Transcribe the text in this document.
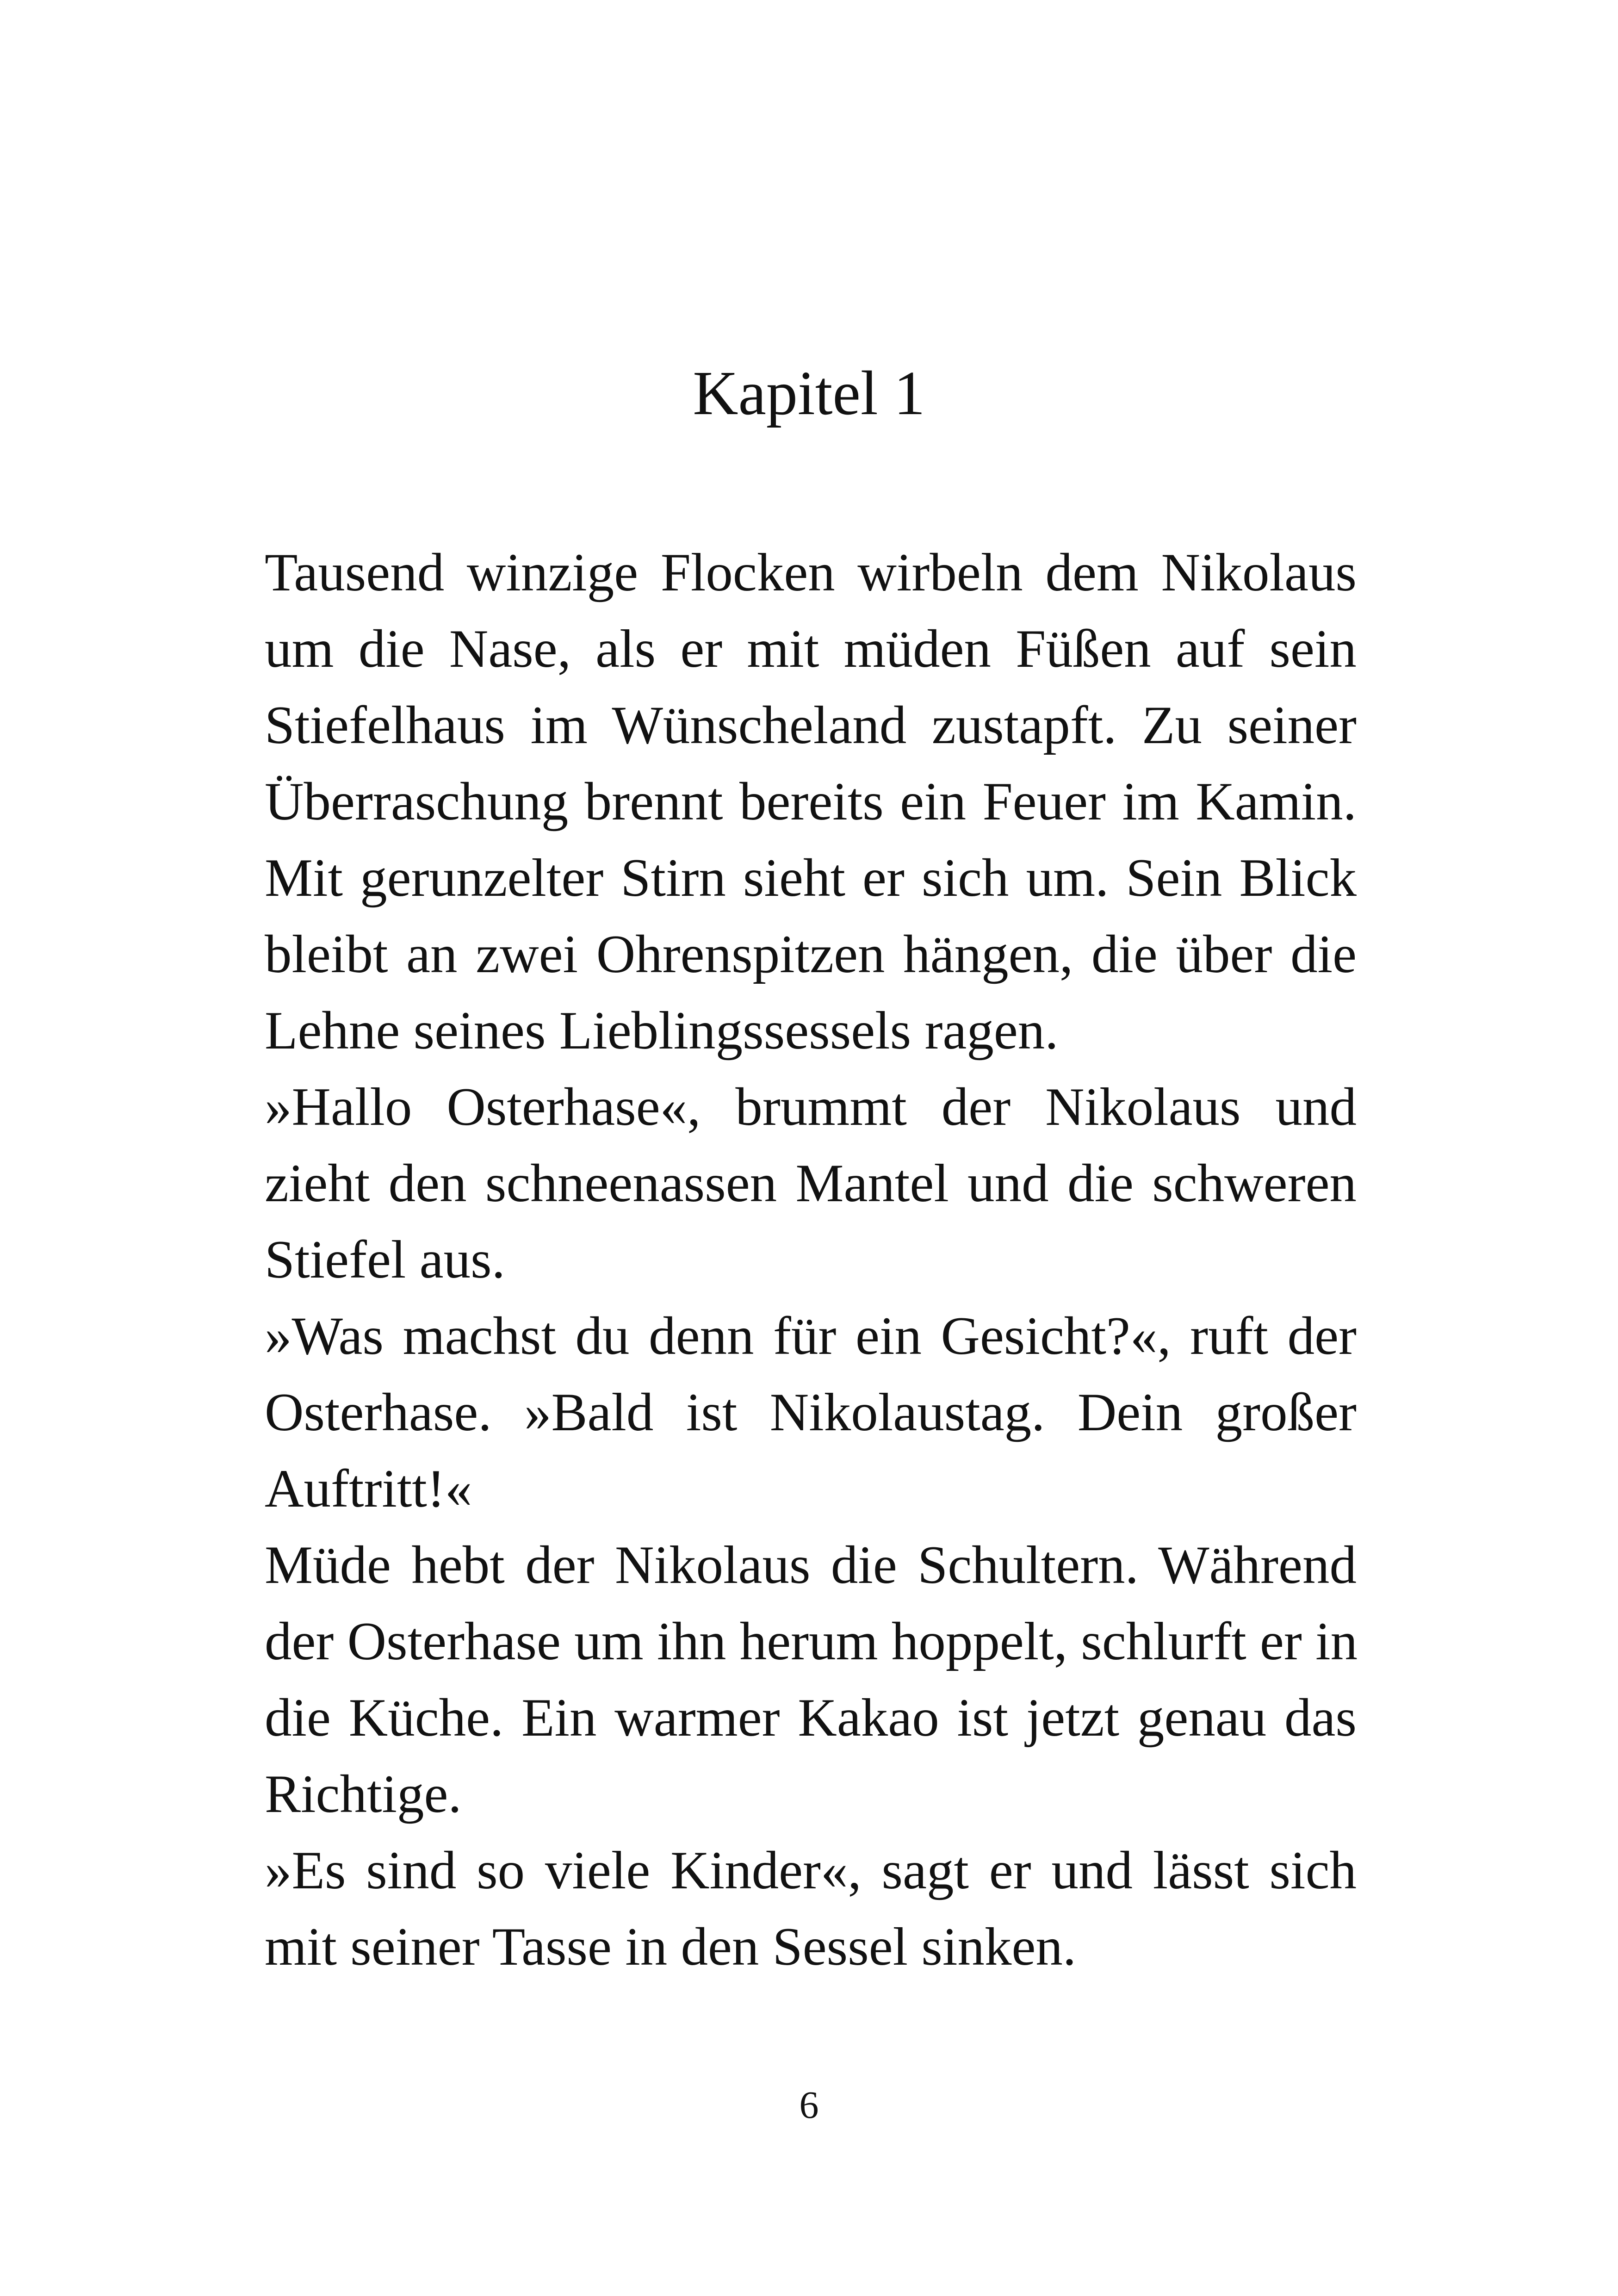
Kapitel 1
Tausend winzige Flocken wirbeln dem Nikolaus
um die Nase, als er mit müden Füßen auf sein
Stiefelhaus im Wünscheland zustapft. Zu seiner
Überraschung brennt bereits ein Feuer im Kamin.
Mit gerunzelter Stirn sieht er sich um. Sein Blick
bleibt an zwei Ohrenspitzen hängen, die über die
Lehne seines Lieblingssessels ragen.
»Hallo Osterhase«, brummt der Nikolaus und
zieht den schneenassen Mantel und die schweren
Stiefel aus.
»Was machst du denn für ein Gesicht?«, ruft der
Osterhase. »Bald ist Nikolaustag. Dein großer
Auftritt!«
Müde hebt der Nikolaus die Schultern. Während
der Osterhase um ihn herum hoppelt, schlurft er in
die Küche. Ein warmer Kakao ist jetzt genau das
Richtige.
»Es sind so viele Kinder«, sagt er und lässt sich
mit seiner Tasse in den Sessel sinken.
6
